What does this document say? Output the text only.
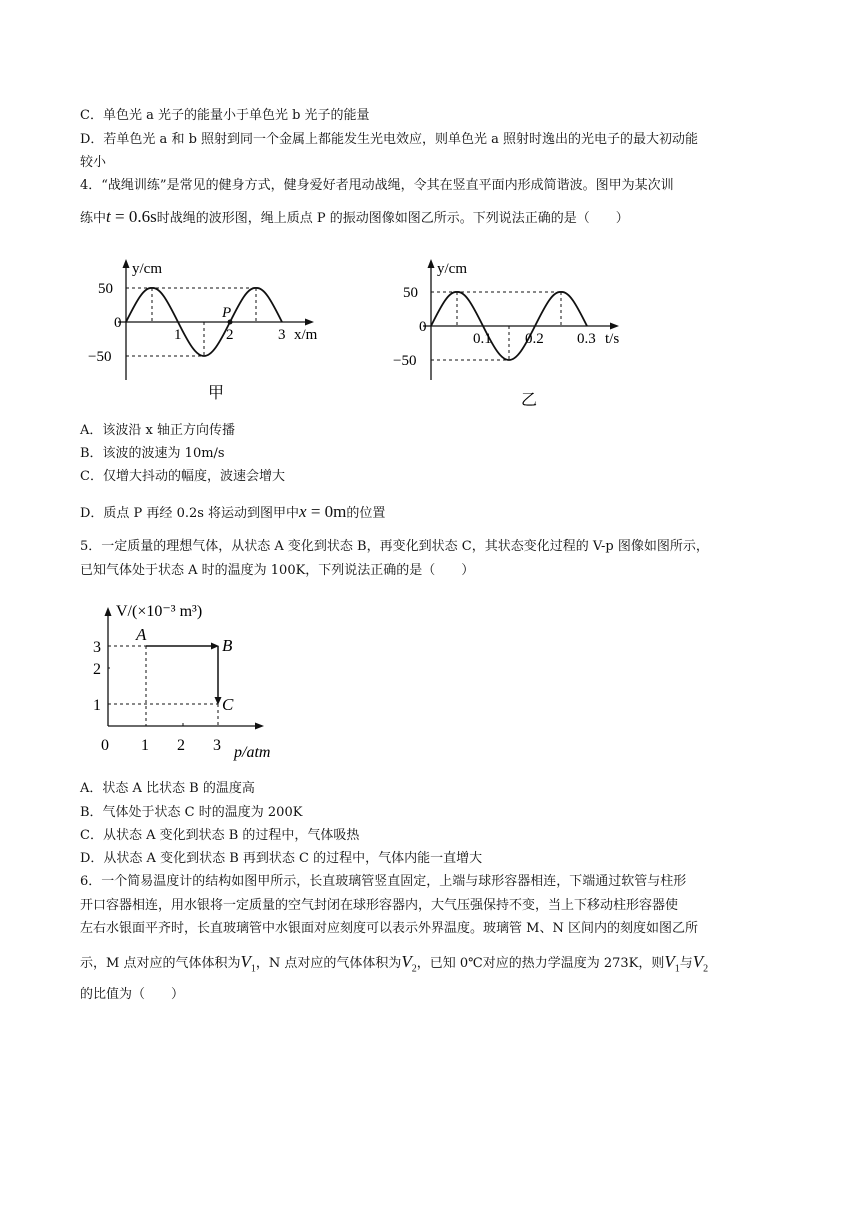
C．单色光 a 光子的能量小于单色光 b 光子的能量
D．若单色光 a 和 b 照射到同一个金属上都能发生光电效应，则单色光 a 照射时逸出的光电子的最大初动能
较小
4．“战绳训练”是常见的健身方式，健身爱好者甩动战绳，令其在竖直平面内形成简谐波。图甲为某次训
练中t = 0.6s时战绳的波形图，绳上质点 P 的振动图像如图乙所示。下列说法正确的是（　　）
y/cm
50
0
−50
1	2	3
P
x/m
甲
y/cm
50
0
−50
0.1 0.2 0.3 t/s
乙
A．该波沿 x 轴正方向传播
B．该波的波速为 10m/s
C．仅增大抖动的幅度，波速会增大
D．质点 P 再经 0.2s 将运动到图甲中x = 0m的位置
5．一定质量的理想气体，从状态 A 变化到状态 B，再变化到状态 C，其状态变化过程的 V-p 图像如图所示，
已知气体处于状态 A 时的温度为 100K，下列说法正确的是（　　）
V/(×10⁻³ m³)
3
2
1
0 1 2 3 p/atm
A
B
C
A．状态 A 比状态 B 的温度高
B．气体处于状态 C 时的温度为 200K
C．从状态 A 变化到状态 B 的过程中，气体吸热
D．从状态 A 变化到状态 B 再到状态 C 的过程中，气体内能一直增大
6．一个简易温度计的结构如图甲所示，长直玻璃管竖直固定，上端与球形容器相连，下端通过软管与柱形
开口容器相连，用水银将一定质量的空气封闭在球形容器内，大气压强保持不变，当上下移动柱形容器使
左右水银面平齐时，长直玻璃管中水银面对应刻度可以表示外界温度。玻璃管 M、N 区间内的刻度如图乙所
示，M 点对应的气体体积为$V_1$，N 点对应的气体体积为$V_2$，已知 0℃对应的热力学温度为 273K，则$V_1$与$V_2$
的比值为（　　）
